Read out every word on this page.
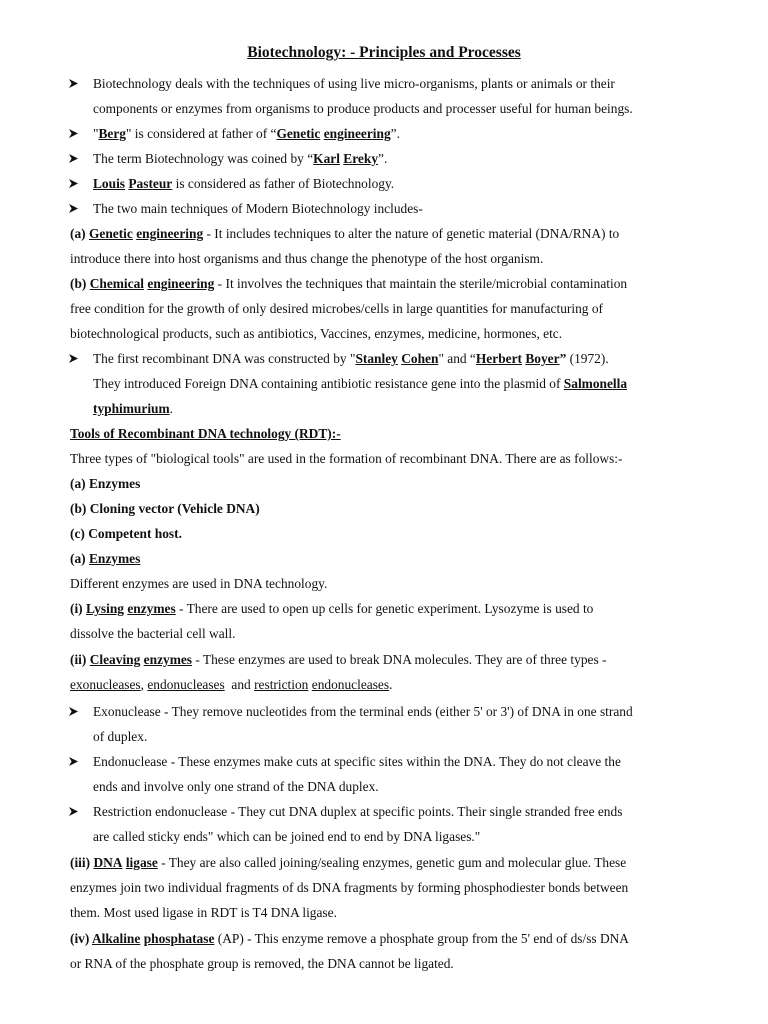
Biotechnology: - Principles and Processes
Biotechnology deals with the techniques of using live micro-organisms, plants or animals or their
components or enzymes from organisms to produce products and processer useful for human beings.
"Berg" is considered at father of “Genetic engineering”.
The term Biotechnology was coined by “Karl Ereky”.
Louis Pasteur is considered as father of Biotechnology.
The two main techniques of Modern Biotechnology includes-
(a) Genetic engineering - It includes techniques to alter the nature of genetic material (DNA/RNA) to
introduce there into host organisms and thus change the phenotype of the host organism.
(b) Chemical engineering - It involves the techniques that maintain the sterile/microbial contamination
free condition for the growth of only desired microbes/cells in large quantities for manufacturing of
biotechnological products, such as antibiotics, Vaccines, enzymes, medicine, hormones, etc.
The first recombinant DNA was constructed by "Stanley Cohen" and “Herbert Boyer” (1972).
They introduced Foreign DNA containing antibiotic resistance gene into the plasmid of Salmonella
typhimurium.
Tools of Recombinant DNA technology (RDT):-
Three types of "biological tools" are used in the formation of recombinant DNA. There are as follows:-
(a) Enzymes
(b) Cloning vector (Vehicle DNA)
(c) Competent host.
(a) Enzymes
Different enzymes are used in DNA technology.
(i) Lysing enzymes - There are used to open up cells for genetic experiment. Lysozyme is used to
dissolve the bacterial cell wall.
(ii) Cleaving enzymes - These enzymes are used to break DNA molecules. They are of three types -
exonucleases, endonucleases  and restriction endonucleases.
Exonuclease - They remove nucleotides from the terminal ends (either 5' or 3') of DNA in one strand
of duplex.
Endonuclease - These enzymes make cuts at specific sites within the DNA. They do not cleave the
ends and involve only one strand of the DNA duplex.
Restriction endonuclease - They cut DNA duplex at specific points. Their single stranded free ends
are called sticky ends" which can be joined end to end by DNA ligases."
(iii) DNA ligase - They are also called joining/sealing enzymes, genetic gum and molecular glue. These
enzymes join two individual fragments of ds DNA fragments by forming phosphodiester bonds between
them. Most used ligase in RDT is T4 DNA ligase.
(iv) Alkaline phosphatase (AP) - This enzyme remove a phosphate group from the 5' end of ds/ss DNA
or RNA of the phosphate group is removed, the DNA cannot be ligated.
